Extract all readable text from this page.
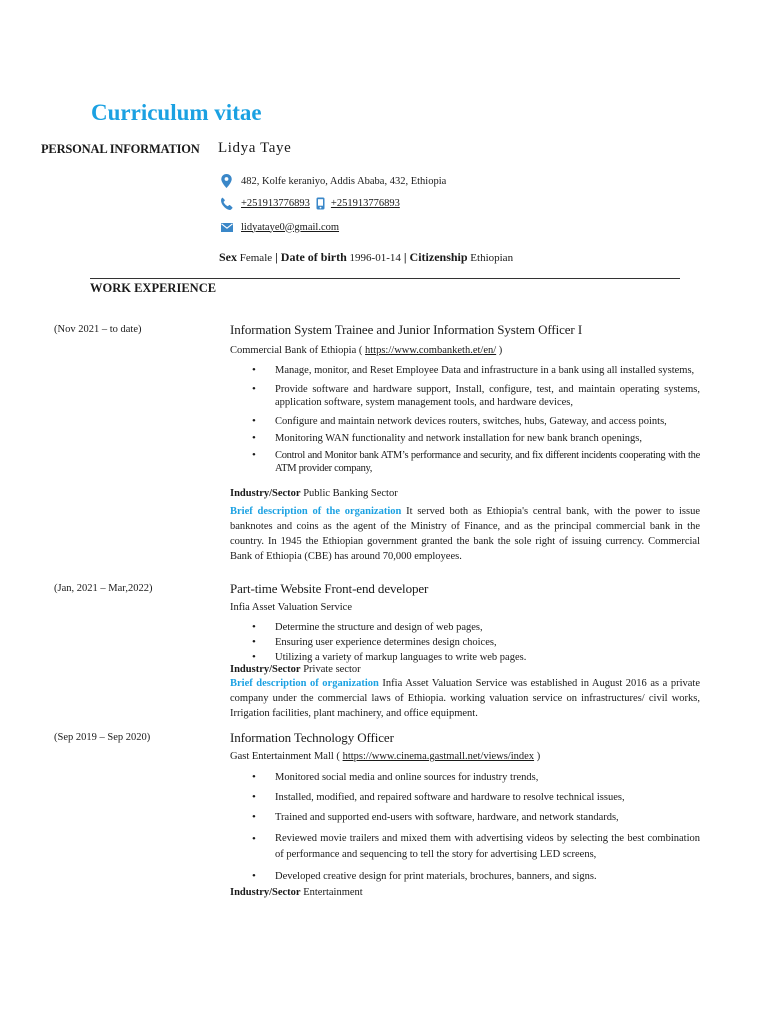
Curriculum vitae
PERSONAL INFORMATION Lidya Taye
482, Kolfe keraniyo, Addis Ababa, 432, Ethiopia
+251913776893 +251913776893
lidyataye0@gmail.com
Sex Female | Date of birth 1996-01-14 | Citizenship Ethiopian
WORK EXPERIENCE
(Nov 2021 – to date)	Information System Trainee and Junior Information System Officer I
Commercial Bank of Ethiopia ( https://www.combanketh.et/en/ )
• Manage, monitor, and Reset Employee Data and infrastructure in a bank using all installed systems,
• Provide software and hardware support, Install, configure, test, and maintain operating systems, application software, system management tools, and hardware devices,
• Configure and maintain network devices routers, switches, hubs, Gateway, and access points,
• Monitoring WAN functionality and network installation for new bank branch openings,
• Control and Monitor bank ATM’s performance and security, and fix different incidents cooperating with the ATM provider company,
Industry/Sector Public Banking Sector
Brief description of the organization It served both as Ethiopia's central bank, with the power to issue banknotes and coins as the agent of the Ministry of Finance, and as the principal commercial bank in the country. In 1945 the Ethiopian government granted the bank the sole right of issuing currency. Commercial Bank of Ethiopia (CBE) has around 70,000 employees.
(Jan, 2021 – Mar,2022)	Part-time Website Front-end developer
Infia Asset Valuation Service
• Determine the structure and design of web pages,
• Ensuring user experience determines design choices,
• Utilizing a variety of markup languages to write web pages.
Industry/Sector Private sector
Brief description of organization Infia Asset Valuation Service was established in August 2016 as a private company under the commercial laws of Ethiopia. working valuation service on infrastructures/ civil works, Irrigation facilities, plant machinery, and office equipment.
(Sep 2019 – Sep 2020)	Information Technology Officer
Gast Entertainment Mall ( https://www.cinema.gastmall.net/views/index )
• Monitored social media and online sources for industry trends,
• Installed, modified, and repaired software and hardware to resolve technical issues,
• Trained and supported end-users with software, hardware, and network standards,
• Reviewed movie trailers and mixed them with advertising videos by selecting the best combination of performance and sequencing to tell the story for advertising LED screens,
• Developed creative design for print materials, brochures, banners, and signs.
Industry/Sector Entertainment
